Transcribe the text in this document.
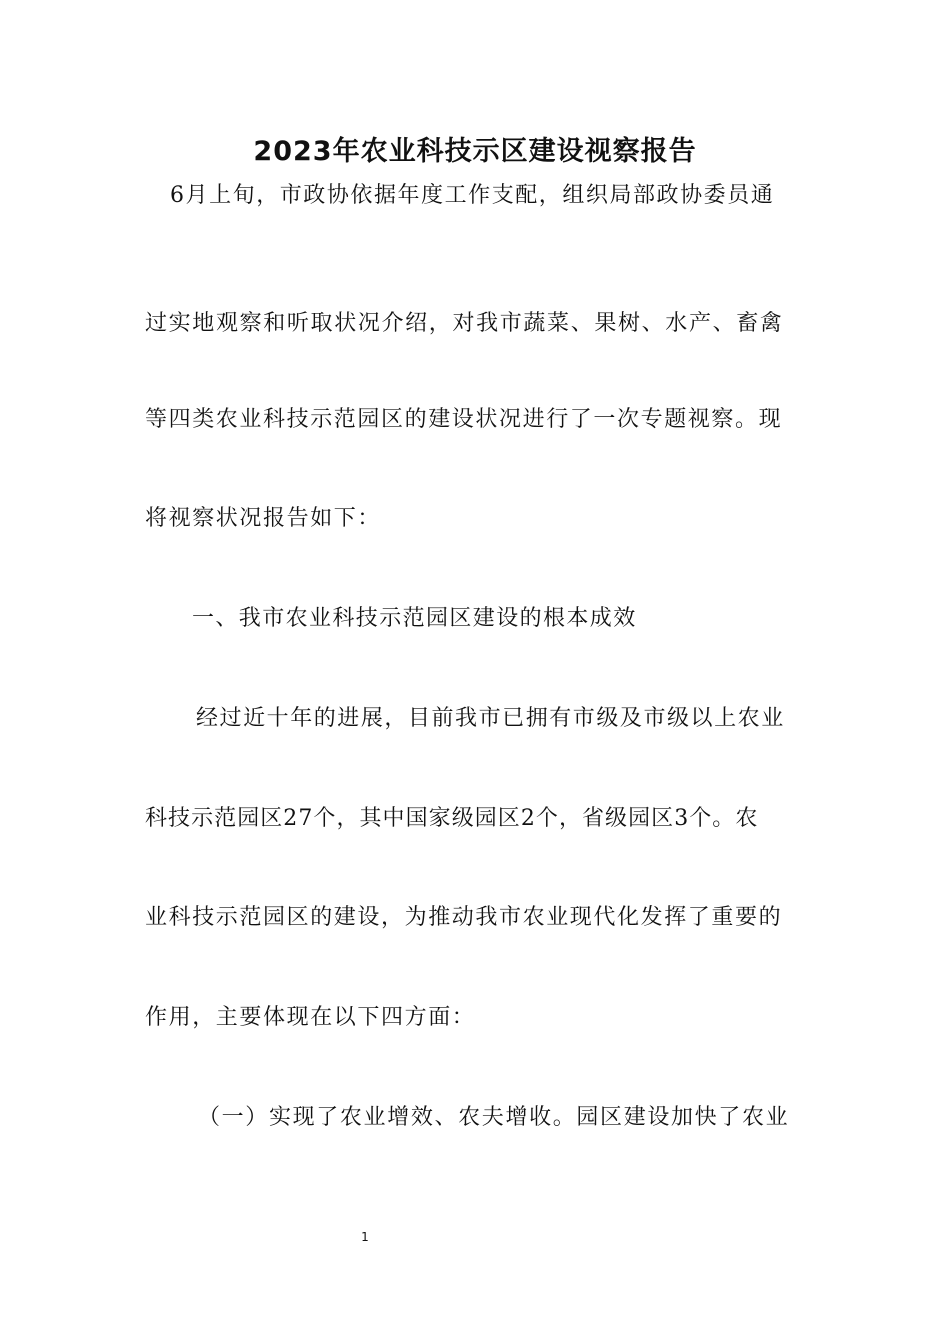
2023年农业科技示区建设视察报告

6月上旬，市政协依据年度工作支配，组织局部政协委员通

过实地观察和听取状况介绍，对我市蔬菜、果树、水产、畜禽

等四类农业科技示范园区的建设状况进行了一次专题视察。现

将视察状况报告如下：

一、我市农业科技示范园区建设的根本成效

经过近十年的进展，目前我市已拥有市级及市级以上农业

科技示范园区27个，其中国家级园区2个，省级园区3个。农

业科技示范园区的建设，为推动我市农业现代化发挥了重要的

作用，主要体现在以下四方面：

（一）实现了农业增效、农夫增收。园区建设加快了农业

1
